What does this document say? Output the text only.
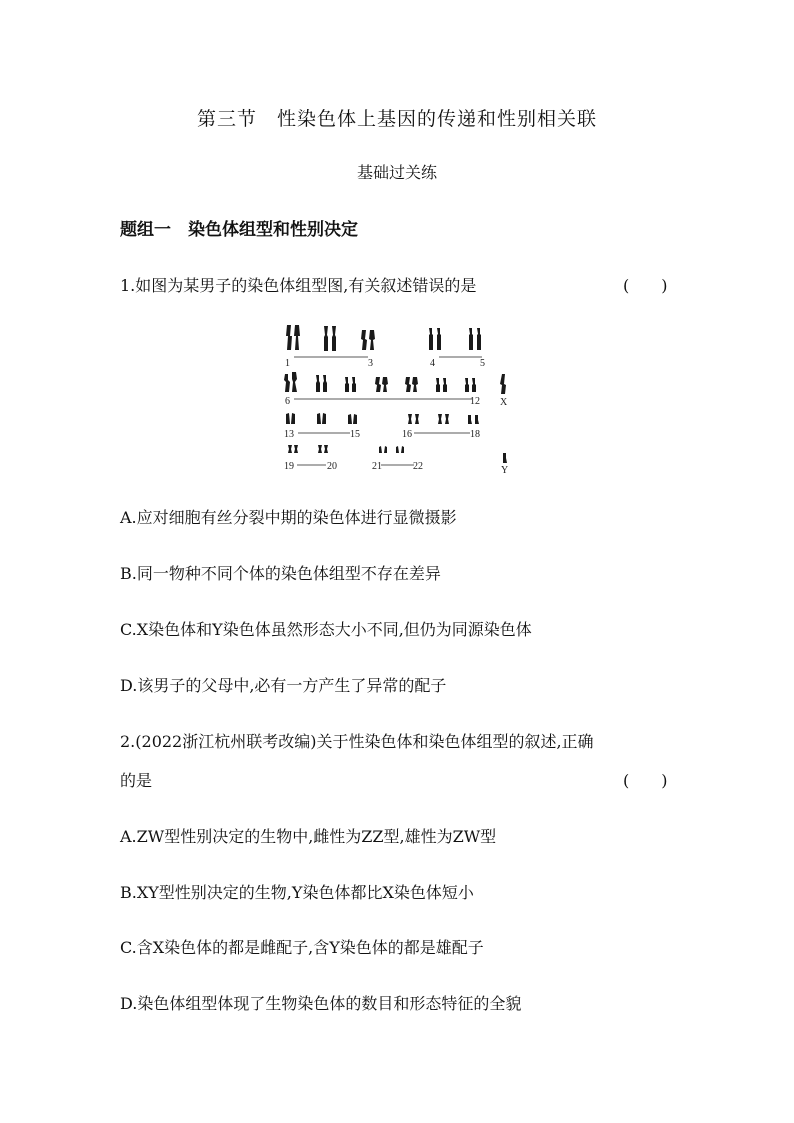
第三节　性染色体上基因的传递和性别相关联
基础过关练
题组一　染色体组型和性别决定
1.如图为某男子的染色体组型图,有关叙述错误的是	(　　)
1	3	4	5
6	12 X
13	15	16	18
19	20	21	22	Y
A.应对细胞有丝分裂中期的染色体进行显微摄影
B.同一物种不同个体的染色体组型不存在差异
C.X染色体和Y染色体虽然形态大小不同,但仍为同源染色体
D.该男子的父母中,必有一方产生了异常的配子
2.(2022浙江杭州联考改编)关于性染色体和染色体组型的叙述,正确
的是	(　　)
A.ZW型性别决定的生物中,雌性为ZZ型,雄性为ZW型
B.XY型性别决定的生物,Y染色体都比X染色体短小
C.含X染色体的都是雌配子,含Y染色体的都是雄配子
D.染色体组型体现了生物染色体的数目和形态特征的全貌
